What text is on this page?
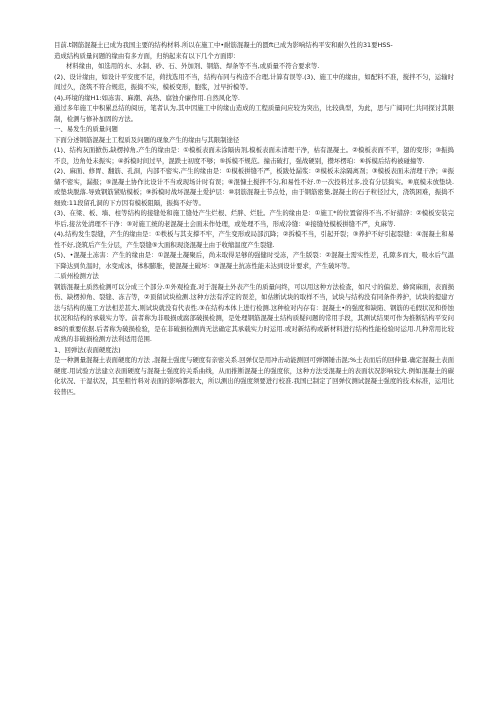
目前.t钢筋混凝土已成为我国主要的结构材料.所以在施工中•耐筋混凝土的匮ft已成为影响结构平安和耐久性的31要HSS-

造成结构质量问题的缘由有多方面，归纳起来有以下几个方面即：

材料缘由，如选用的水、水制、砂、石、外加剂、钢筋、焊条等不当,或质量不符合要求等.

(2)、设计缘由，如设计平安度不足，荷找选用不当，结构布同与构造不合理,计算有误等.(3)、施工中的缘由，如配料不准，搅拌不匀，运输时间过久，浇筑不符合规范，振捣不实，模板变形，胞浆，过早折模等。

(4),环境的缘H1:如冻害、麻潮、高热、腐蚀介廉作用.自然风化等.

通过多年施工中积累总结的阅历，笔者认为,其中因施工中的缘山造成的工程质量问应较为突出，比较典型，为此，思与广阔同仁共同探讨其限制，检测与修补加固的方法。

一、易发生的质量问题

下面分述钢筋混凝土工程质及问题的现象产生的缘由与其限制途径

(1)、结构灰面掀伤,缺楞掉角,产生的缘由是：①模板表面未涂隔齿剂,模板表面未清理干净，枯有混凝土。②模板表面不平，翅的变形；③振捣不良，边角处未振实；④拆模时间过早，混跌士初度不够；⑤拆模不规范。撞击破打，强战硬别，攒坏楞珀：⑥拆模后结构被碰撞等.

(2)、麻面、修胃、翻筋、孔洞，内部不密实,产生的缘由是：①模板拼缝不严，板跋处漏浆：②模板未涂隔离剂；③模板表面未清理干净；④振储不密实，漏报；⑤混凝土协作比设计不当或现场计时有误；⑥混慷土搅拌不匀,和易性不好.⑦一次投料过多,没有分层捣实。⑧底模未放垫块.或垫块脱落.导致钢筋紧贴模板；⑨拆模时战坏混凝土爱护层：⑩羽筋混凝土节点处，由于钢筋密集,混凝土的石子粒径过大，浇筑困难，振捣不细致:11段留孔洞的下方因有模板阻隔，振捣不好等。

(3)、在梁、板、墙、柱等结构的接缝处和施工缝处产生烂根、烂胖、烂肚。产生的缘由是：①施工*的位置留得不当,不好措辞：②模板安装完毕后,接岔处清理不干净：③对施工统的老混凝土会面未作处理，或处理不当，形成冷缝：④接缝处模板拼缝不严，丸麻等.

(4),结构发生裂缝，产生的缘由是：①秩板与其支撑不牢，产生变形或局部沉降；②拆模不当，引起开裂；③养护不好引起裂缝：④混凝土和易性不好,浇筑后产生分层，产生裂缝⑤大面积现浇混凝土由于收缩温度产生裂缝.

(5)、•混凝土冻害：产生的缘由是：①混凝土凝聚后，尚未取得足够的强健时受冻，产生版裂：②混凝土需实性差，孔隙多而大，吸水后气温下降达到负温时，水变成冰，体积膨胀，使混凝土破坏：③混凝土抗冻性能未达到设计要求，产生破坏等。

二质州检测方法

钢筋混凝土质然检测可以分成三个部分.①外观检査,对于混凝土外表产生的质量问终，可以用这种方法检查，如尺寸的偏差、蜂窝麻面，表面损伤、缺楞掉角、裂缝、冻吉等，②顶留试块检测.这种方法有浮定的误差，如估断试块的取样不当，试块与结构没有同条件养护，试块的提建方法与结构的施工方法相差甚大,则试块就没有代表性.③在结构本体上进行检测.这种检对内存有：混凝土•的强度和缺陷、钢筋的毛假状况和侨蚀状况和结构的承载实力等。前者称为非吸损或腐部破损检测，是处理钢筋混凝土结构质疑问题的常用手段，其测试结果可作为推断结构平安问8S的重要依据.后者称为破损检验，是在非破损检测尚无法确定其承载实力时运用.或对新结构或新材料进行结构性能检验时运用.几种常用比较成熟的非破损检测方法利适用范围.

1、回弹法(表面硬度法)

是一种测量混凝土表面硬度的方法 ,混凝土强度与硬度有亲密关系.回弹仅是用冲击动能测回可弹钢锤击混;%土表而后的回伸量.确定混凝土表面硬度.用试验方法建立表面硬度与混凝土强度的关系曲线，从而推断混凝土的强度依，这种方法受混凝土的表面状况影响较大.例如混凝土的碳化状况、干湿状况，其至粗竹料对表面的影响都很大，所以测出的强度须要进行校准.我国已制定了回弹仪测试混凝土强度的技术标准，运用比较普匹。
